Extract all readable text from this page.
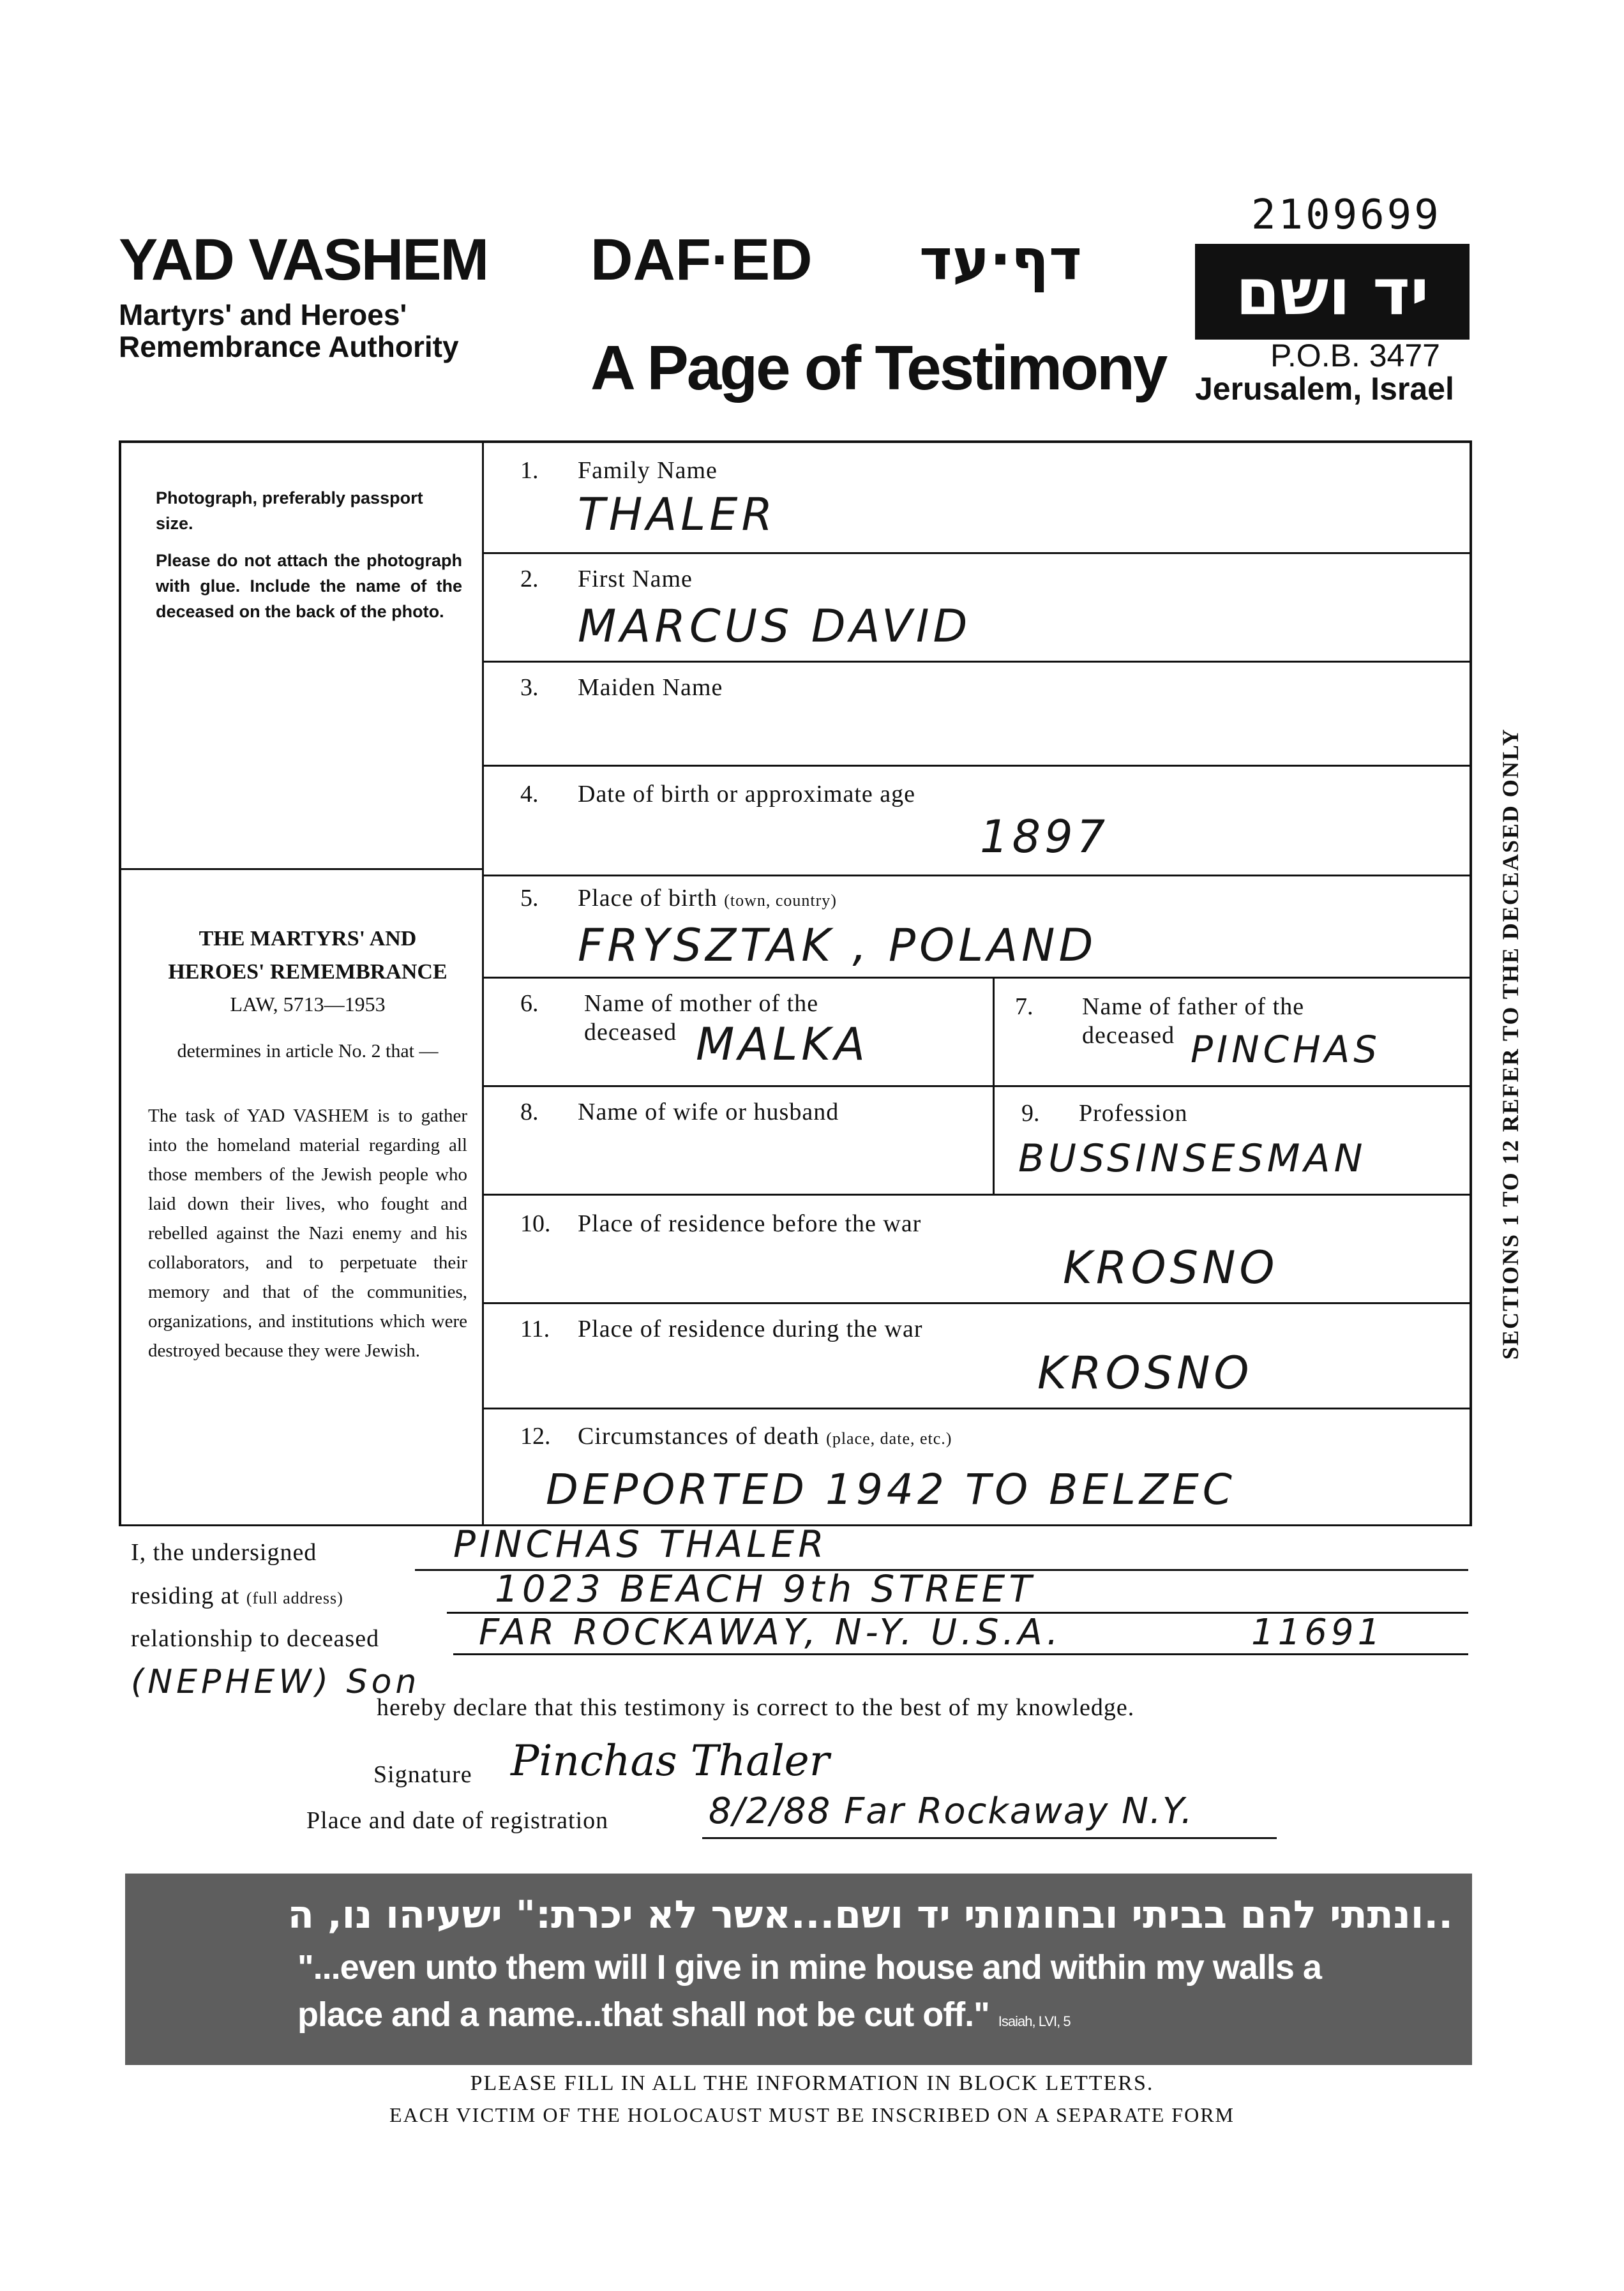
2109699
YAD VASHEM
Martyrs' and Heroes' Remembrance Authority
DAF·ED דף·עד
A Page of Testimony
יד ושם
P.O.B. 3477
Jerusalem, Israel

Photograph, preferably passport size.

Please do not attach the photograph with glue. Include the name of the deceased on the back of the photo.

THE MARTYRS' AND HEROES' REMEMBRANCE
LAW, 5713—1953
determines in article No. 2 that —
The task of YAD VASHEM is to gather into the homeland material regarding all those members of the Jewish people who laid down their lives, who fought and rebelled against the Nazi enemy and his collaborators, and to perpetuate their memory and that of the communities, organizations, and institutions which were destroyed because they were Jewish.
1. Family Name
THALER
2. First Name
MARCUS DAVID
3. Maiden Name
4. Date of birth or approximate age
1897
5. Place of birth (town, country)
FRYSZTAK , POLAND
6. Name of mother of the
deceased MALKA
7. Name of father of the
deceased PINCHAS
8. Name of wife or husband	9. Profession
BUSSINSESMAN
10. Place of residence before the war
KROSNO
11. Place of residence during the war
KROSNO
12. Circumstances of death (place, date, etc.)
DEPORTED 1942 TO BELZEC
I, the undersigned	PINCHAS THALER
residing at (full address)	1023 BEACH 9th STREET
relationship to deceased	FAR ROCKAWAY, N-Y. U.S.A.	11691
(NEPHEW) Son
hereby declare that this testimony is correct to the best of my knowledge.
Signature Pinchas Thaler
Place and date of registration	8/2/88 Far Rockaway N.Y.
SECTIONS 1 TO 12 REFER TO THE DECEASED ONLY
..ונתתי להם בביתי ובחומותי יד ושם...אשר לא יכרת:" ישעיהו נו, ה
"...even unto them will I give in mine house and within my walls a place and a name...that shall not be cut off." Isaiah, LVI, 5
PLEASE FILL IN ALL THE INFORMATION IN BLOCK LETTERS.
EACH VICTIM OF THE HOLOCAUST MUST BE INSCRIBED ON A SEPARATE FORM
